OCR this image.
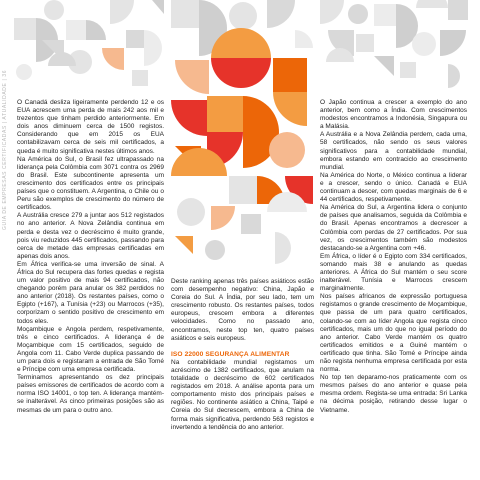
GUIA DE EMPRESAS CERTIFICADAS | ATUALIDADE | 36

O Canadá desliza ligeiramente perdendo 12 e os EUA acrescem uma perda de mais 242 aos mil e trezentos que tinham perdido anteriormente. Em dois anos diminuem cerca de 1500 registos. Considerando que em 2015 os EUA contabilizavam cerca de seis mil certificados, a queda é muito significativa nestes últimos anos.

Na América do Sul, o Brasil fez ultrapassado na liderança pela Colômbia com 3071 contra os 2969 do Brasil. Este subcontinente apresenta um crescimento dos certificados entre os principais países que o constituem. A Argentina, o Chile ou o Peru são exemplos de crescimento do número de certificados.

A Austrália cresce 279 a juntar aos 512 registados no ano anterior. A Nova Zelândia continua em perda e desta vez o decréscimo é muito grande, pois viu reduzidos 445 certificados, passando para cerca de metade das empresas certificadas em apenas dois anos.

Em África verifica-se uma inversão de sinal. A África do Sul recupera das fortes quedas e regista um valor positivo de mais 94 certificados, não chegando porém para anular os 382 perdidos no ano anterior (2018). Os restantes países, como o Egipto (+167), a Tunísia (+23) ou Marrocos (+35), corporizam o sentido positivo de crescimento em todos eles.

Moçambique e Angola perdem, respetivamente, três e cinco certificados. A liderança é de Moçambique com 15 certificados, seguido de Angola com 11. Cabo Verde duplica passando de um para dois e registaram a entrada de São Tomé e Príncipe com uma empresa certificada.

Terminamos apresentando os dez principais países emissores de certificados de acordo com a norma ISO 14001, o top ten. A liderança mantém-se inalterável. As cinco primeiras posições são as mesmas de um para o outro ano.

Deste ranking apenas três países asiáticos estão com desempenho negativo: China, Japão e Coreia do Sul. A Índia, por seu lado, tem um crescimento robusto. Os restantes países, todos europeus, crescem embora a diferentes velocidades. Como no passado ano, encontramos, neste top ten, quatro países asiáticos e seis europeus.

ISO 22000 SEGURANÇA ALIMENTAR

Na contabilidade mundial registamos um acréscimo de 1382 certificados, que anulam na totalidade o decréscimo de 602 certificados registados em 2018. A análise aponta para um comportamento misto dos principais países e regiões. No continente asiático a China, Taipé e Coreia do Sul decrescem, embora a China de forma mais significativa, perdendo 563 registos e invertendo a tendência do ano anterior.

O Japão continua a crescer a exemplo do ano anterior, bem como a Índia. Com crescimentos modestos encontramos a Indonésia, Singapura ou a Malásia.

A Austrália e a Nova Zelândia perdem, cada uma, 58 certificados, não sendo os seus valores significativos para a contabilidade mundial, embora estando em contraciclo ao crescimento mundial.

Na América do Norte, o México continua a liderar e a crescer, sendo o único. Canadá e EUA continuam a descer, com quedas marginais de 6 e 44 certificados, respetivamente.

Na América do Sul, a Argentina lidera o conjunto de países que analisamos, seguida da Colômbia e do Brasil. Apenas encontramos a decrescer a Colômbia com perdas de 27 certificados. Por sua vez, os crescimentos também são modestos destacando-se a Argentina com +46.

Em África, o líder é o Egipto com 334 certificados, somando mais 38 e anulando as quedas anteriores. A África do Sul mantém o seu score inalterável. Tunísia e Marrocos crescem marginalmente.

Nos países africanos de expressão portuguesa registamos o grande crescimento de Moçambique, que passa de um para quatro certificados, colando-se com ao líder Angola que regista cinco certificados, mais um do que no igual período do ano anterior. Cabo Verde mantém os quatro certificados emitidos e a Guiné mantém o certificado que tinha. São Tomé e Príncipe ainda não regista nenhuma empresa certificada por esta norma.

No top ten deparamo-nos praticamente com os mesmos países do ano anterior e quase pela mesma ordem. Regista-se uma entrada: Sri Lanka na décima posição, retirando desse lugar o Vietname.
